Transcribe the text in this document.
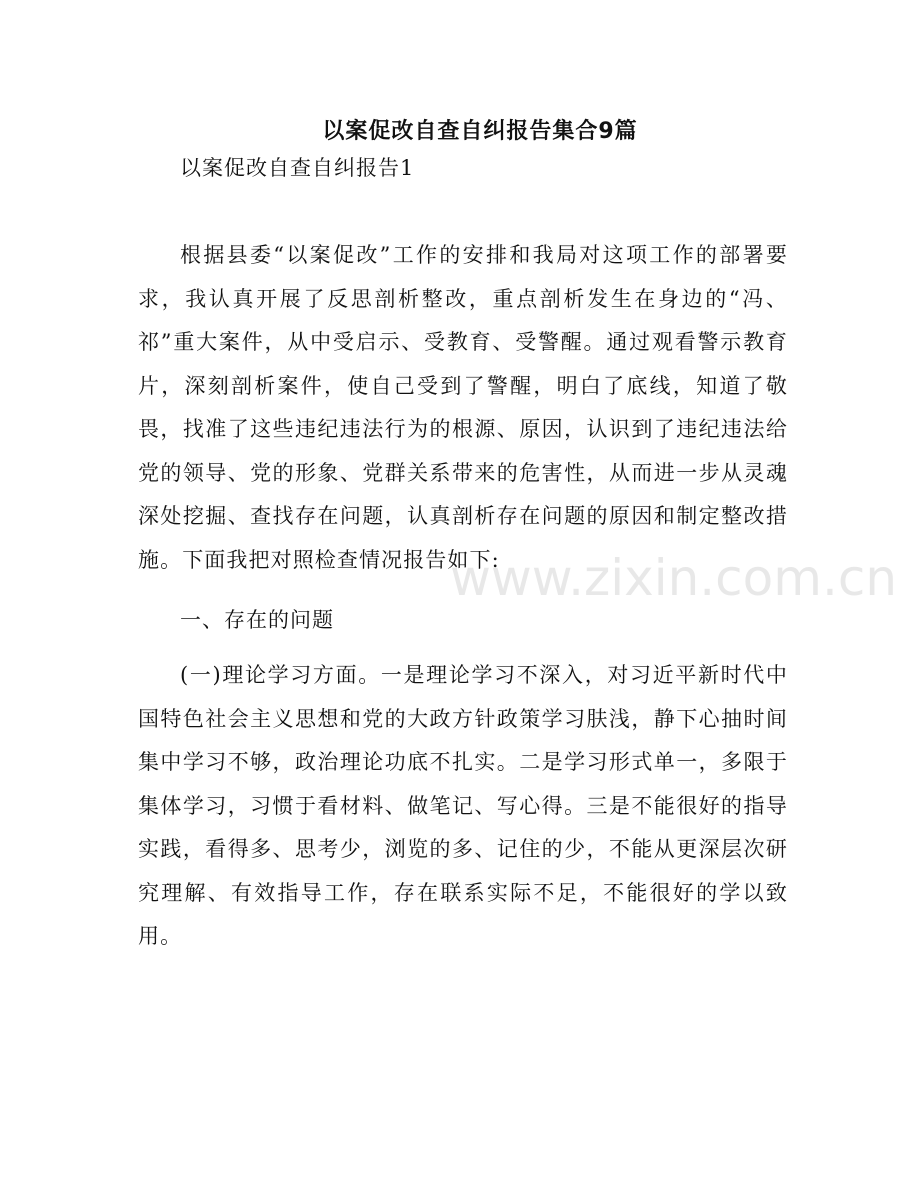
以案促改自查自纠报告集合9篇
以案促改自查自纠报告1

根据县委“以案促改”工作的安排和我局对这项工作的部署要求，我认真开展了反思剖析整改，重点剖析发生在身边的“冯、祁”重大案件，从中受启示、受教育、受警醒。通过观看警示教育片，深刻剖析案件，使自己受到了警醒，明白了底线，知道了敬畏，找准了这些违纪违法行为的根源、原因，认识到了违纪违法给党的领导、党的形象、党群关系带来的危害性，从而进一步从灵魂深处挖掘、查找存在问题，认真剖析存在问题的原因和制定整改措施。下面我把对照检查情况报告如下:

一、存在的问题

(一)理论学习方面。一是理论学习不深入，对习近平新时代中国特色社会主义思想和党的大政方针政策学习肤浅，静下心抽时间集中学习不够，政治理论功底不扎实。二是学习形式单一，多限于集体学习，习惯于看材料、做笔记、写心得。三是不能很好的指导实践，看得多、思考少，浏览的多、记住的少，不能从更深层次研究理解、有效指导工作，存在联系实际不足，不能很好的学以致用。

www.zixin.com.cn
